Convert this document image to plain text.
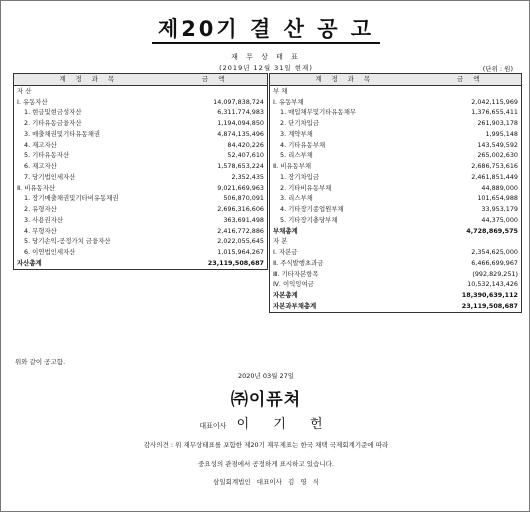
제20기 결 산 공 고
재 무 상 태 표
(2019년 12월 31일 현재)	(단위 : 원)
계 정 과 목	금 액
자 산	
Ⅰ. 유동자산	14,097,838,724
1. 현금및현금성자산	6,311,774,983
2. 기타유동금융자산	1,194,094,850
3. 매출채권및기타유동채권	4,874,135,496
4. 재고자산	84,420,226
5. 기타유동자산	52,407,610
6. 재고자산	1,578,653,224
7. 당기법인세자산	2,352,435
Ⅱ. 비유동자산	9,021,669,963
1. 장기매출채권및기타비유동채권	506,870,091
2. 유형자산	2,696,316,606
3. 사용권자산	363,691,498
4. 무형자산	2,416,772,886
5. 당기손익-공정가치 금융자산	2,022,055,645
6. 이연법인세자산	1,015,964,267
자산총계	23,119,508,687
계 정 과 목	금 액
부 채	
Ⅰ. 유동부채	2,042,115,969
1. 매입채무및기타유동채무	1,376,655,411
2. 단기차입금	261,903,178
3. 계약부채	1,995,148
4. 기타유동부채	143,549,592
5. 리스부채	265,002,630
Ⅱ. 비유동부채	2,686,753,616
1. 장기차입금	2,461,851,449
2. 기타비유동부채	44,889,000
3. 리스부채	101,654,988
4. 기타장기종업원부채	33,953,179
5. 기타장기충당부채	44,375,000
부채총계	4,728,869,575
자 본	
Ⅰ. 자본금	2,354,625,000
Ⅱ. 주식발행초과금	6,466,699,967
Ⅲ. 기타자본항목	(992,829,251)
Ⅳ. 이익잉여금	10,532,143,426
자본총계	18,390,639,112
자본과부채총계	23,119,508,687
위와 같이 공고함.
2020년 03월 27일
㈜이퓨쳐
대표이사 이 기 헌
감사의견 : 위 재무상태표를 포함한 제20기 재무제표는 한국 채택 국제회계기준에 따라
중요성의 관점에서 공정하게 표시하고 있습니다.
삼일회계법인 대표이사 김 영 식
